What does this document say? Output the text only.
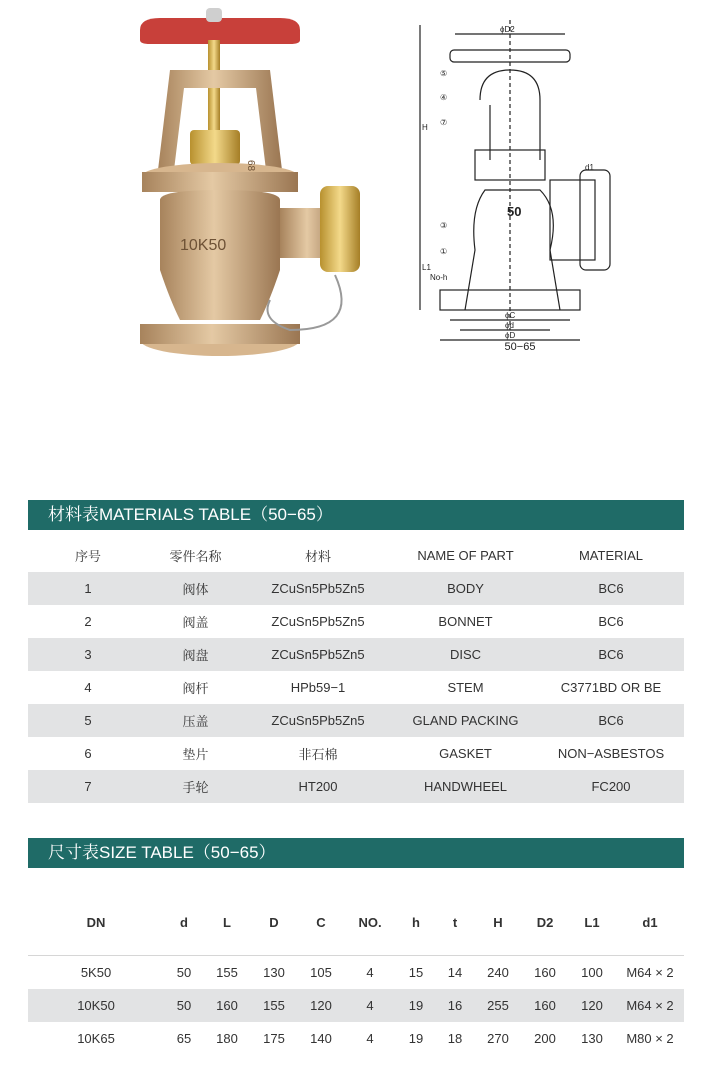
10K50
68
ϕD2
H
L1
No-h
ϕd
ϕC
ϕD
d1
50
⑤
④
⑦
③
①
50−65
材料表MATERIALS TABLE（50−65）
序号	零件名称	材料	NAME OF PART	MATERIAL
1	阀体	ZCuSn5Pb5Zn5	BODY	BC6
2	阀盖	ZCuSn5Pb5Zn5	BONNET	BC6
3	阀盘	ZCuSn5Pb5Zn5	DISC	BC6
4	阀杆	HPb59−1	STEM	C3771BD OR BE
5	压盖	ZCuSn5Pb5Zn5	GLAND PACKING	BC6
6	垫片	非石棉	GASKET	NON−ASBESTOS
7	手轮	HT200	HANDWHEEL	FC200
尺寸表SIZE TABLE（50−65）
DN	d	L	D	C	NO.	h	t	H	D2	L1	d1

5K50	50	155	130	105	4	15	14	240	160	100	M64 × 2
10K50	50	160	155	120	4	19	16	255	160	120	M64 × 2
10K65	65	180	175	140	4	19	18	270	200	130	M80 × 2
